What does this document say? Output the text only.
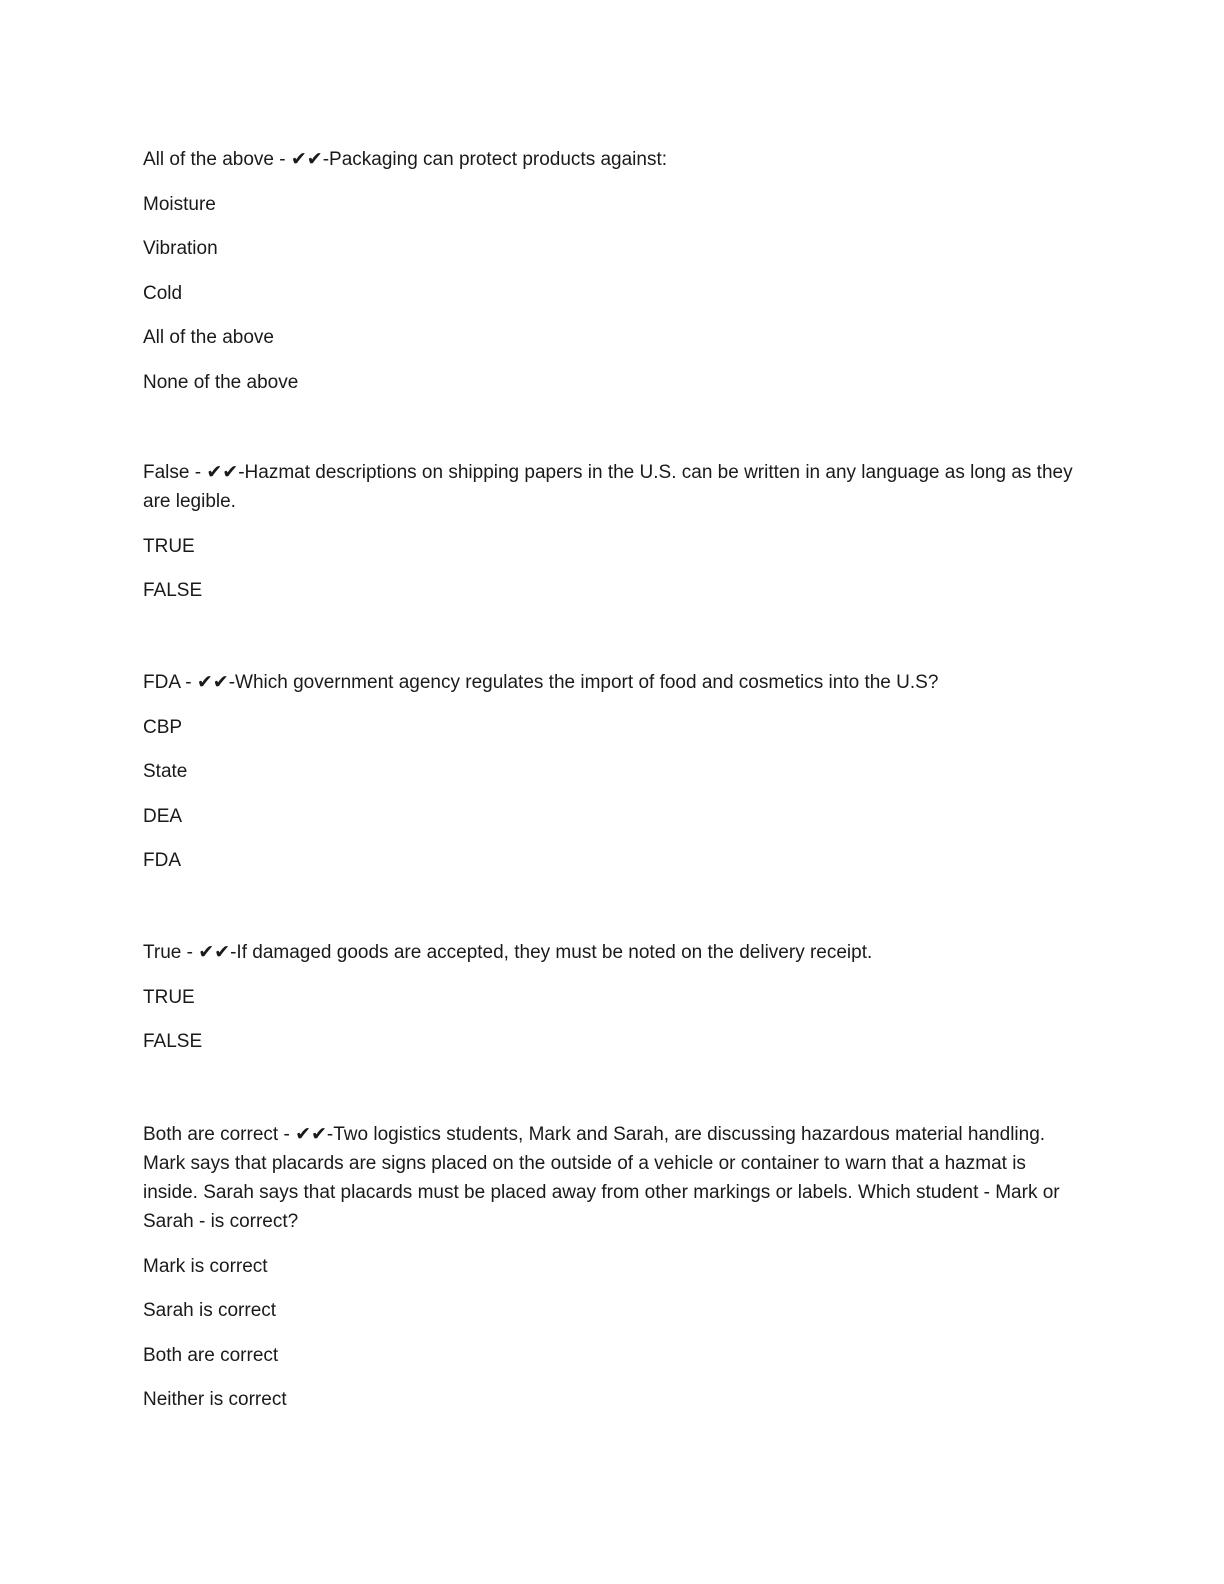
All of the above - ✔✔-Packaging can protect products against:

Moisture
Vibration
Cold
All of the above
None of the above

False - ✔✔-Hazmat descriptions on shipping papers in the U.S. can be written in any language as long as they are legible.

TRUE
FALSE

FDA - ✔✔-Which government agency regulates the import of food and cosmetics into the U.S?

CBP
State
DEA
FDA

True - ✔✔-If damaged goods are accepted, they must be noted on the delivery receipt.

TRUE
FALSE

Both are correct - ✔✔-Two logistics students, Mark and Sarah, are discussing hazardous material handling. Mark says that placards are signs placed on the outside of a vehicle or container to warn that a hazmat is inside. Sarah says that placards must be placed away from other markings or labels. Which student - Mark or Sarah - is correct?

Mark is correct
Sarah is correct
Both are correct
Neither is correct
